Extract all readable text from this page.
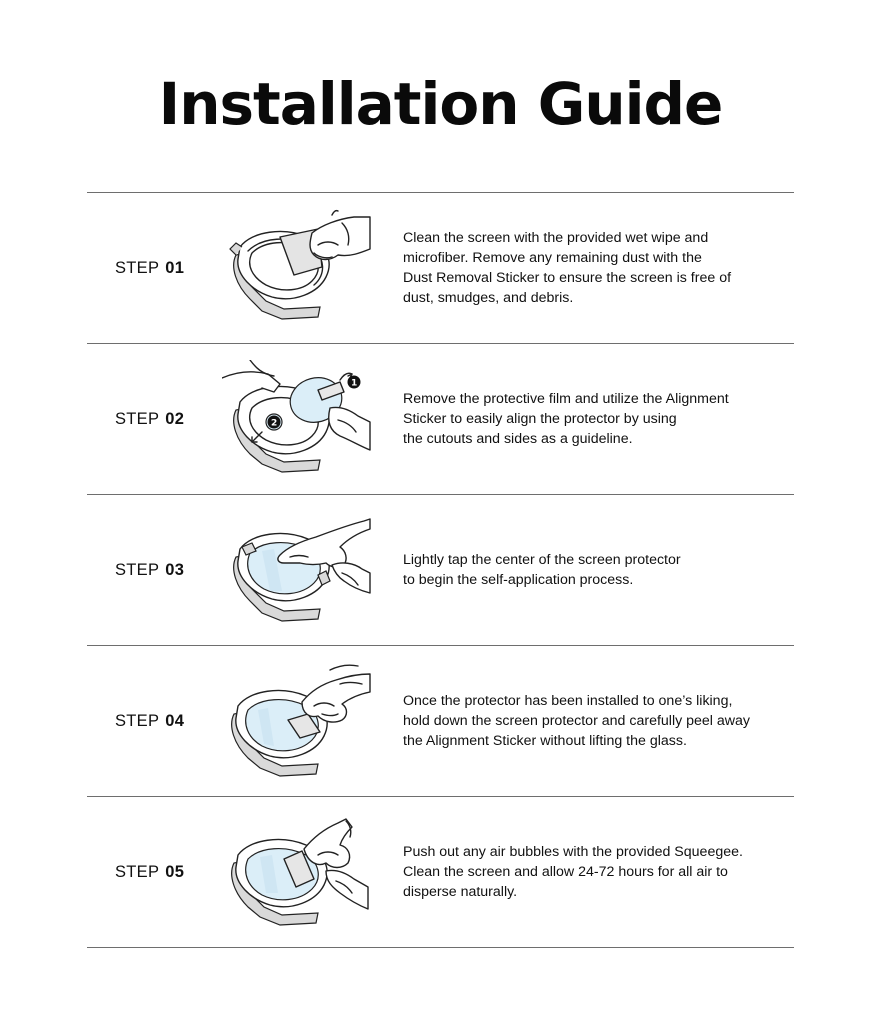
Installation Guide
STEP 01
Clean the screen with the provided wet wipe and
microfiber. Remove any remaining dust with the
Dust Removal Sticker to ensure the screen is free of
dust, smudges, and debris.
STEP 02	2
1
Remove the protective film and utilize the Alignment
Sticker to easily align the protector by using
the cutouts and sides as a guideline.
STEP 03
Lightly tap the center of the screen protector
to begin the self-application process.
STEP 04
Once the protector has been installed to one’s liking,
hold down the screen protector and carefully peel away
the Alignment Sticker without lifting the glass.
STEP 05
Push out any air bubbles with the provided Squeegee.
Clean the screen and allow 24-72 hours for all air to
disperse naturally.
